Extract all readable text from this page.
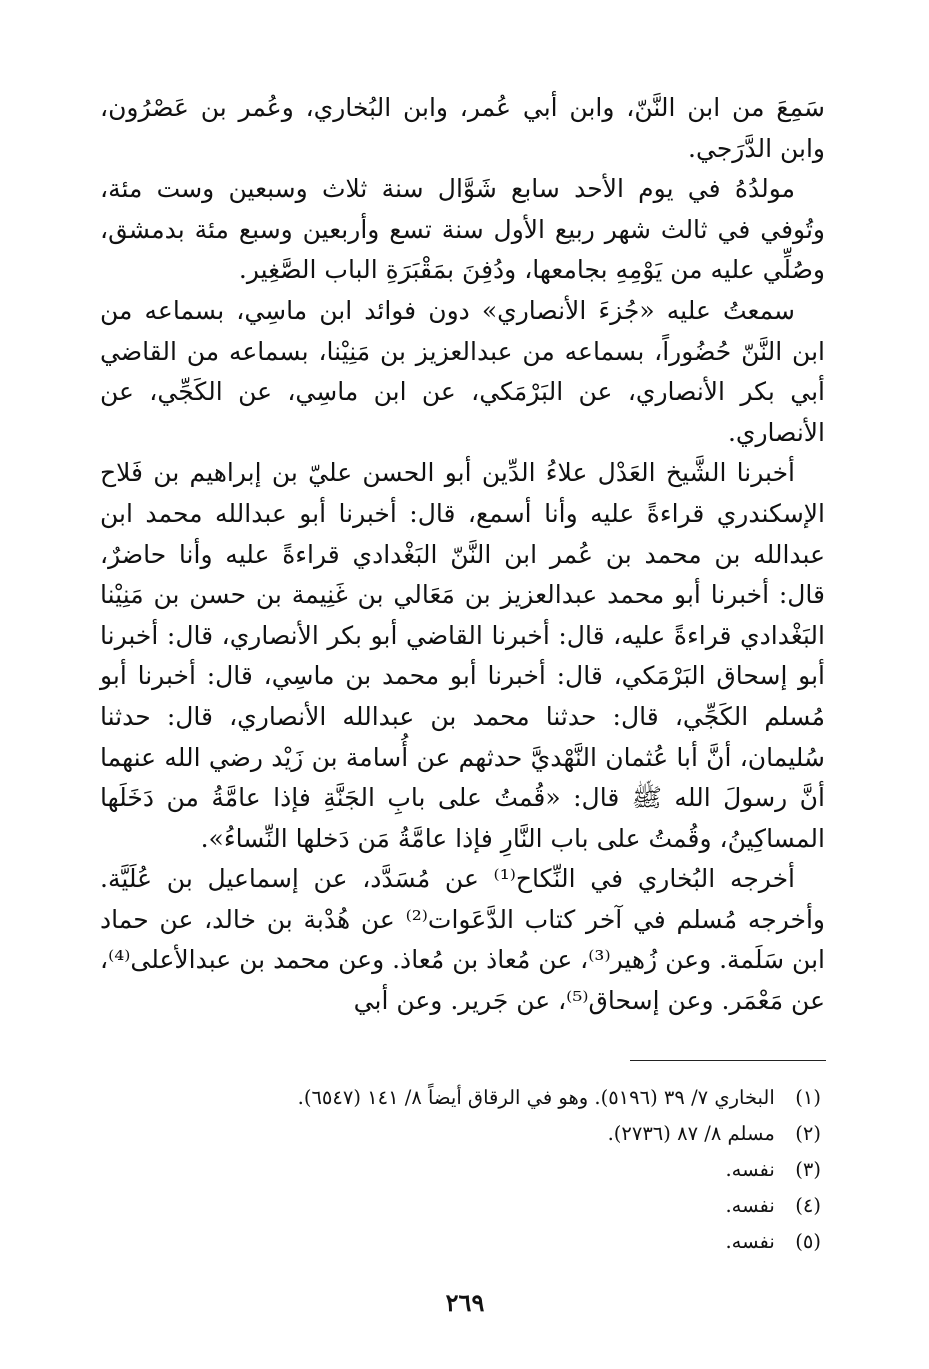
سَمِعَ من ابن النَّنّ، وابن أبي عُمر، وابن البُخاري، وعُمر بن عَصْرُون، وابن الدَّرَجي.

مولدُهُ في يوم الأحد سابع شَوَّال سنة ثلاث وسبعين وست مئة، وتُوفي في ثالث شهر ربيع الأول سنة تسع وأربعين وسبع مئة بدمشق، وصُلِّي عليه من يَوْمِهِ بجامعها، ودُفِنَ بمَقْبَرَةِ الباب الصَّغِير.

سمعتُ عليه «جُزءَ الأنصاري» دون فوائد ابن ماسِي، بسماعه من ابن النَّنّ حُضُوراً، بسماعه من عبدالعزيز بن مَنِيْنا، بسماعه من القاضي أبي بكر الأنصاري، عن البَرْمَكي، عن ابن ماسِي، عن الكَجِّي، عن الأنصاري.

أخبرنا الشَّيخ العَدْل علاءُ الدِّين أبو الحسن عليّ بن إبراهيم بن فَلاح الإسكندري قراءةً عليه وأنا أسمع، قال: أخبرنا أبو عبدالله محمد ابن عبدالله بن محمد بن عُمر ابن النَّنّ البَغْدادي قراءةً عليه وأنا حاضرٌ، قال: أخبرنا أبو محمد عبدالعزيز بن مَعَالي بن غَنِيمة بن حسن بن مَنِيْنا البَغْدادي قراءةً عليه، قال: أخبرنا القاضي أبو بكر الأنصاري، قال: أخبرنا أبو إسحاق البَرْمَكي، قال: أخبرنا أبو محمد بن ماسِي، قال: أخبرنا أبو مُسلم الكَجِّي، قال: حدثنا محمد بن عبدالله الأنصاري، قال: حدثنا سُليمان، أنَّ أبا عُثمان النَّهْديَّ حدثهم عن أُسامة بن زَيْد رضي الله عنهما أنَّ رسولَ الله ﷺ قال: «قُمتُ على بابِ الجَنَّةِ فإذا عامَّةُ من دَخَلَها المساكِينُ، وقُمتُ على باب النَّارِ فإذا عامَّةُ مَن دَخلها النِّساءُ».

أخرجه البُخاري في النِّكاح⁽¹⁾ عن مُسَدَّد، عن إسماعيل بن عُلَيَّة. وأخرجه مُسلم في آخر كتاب الدَّعَوات⁽²⁾ عن هُدْبة بن خالد، عن حماد ابن سَلَمة. وعن زُهير⁽³⁾، عن مُعاذ بن مُعاذ. وعن محمد بن عبدالأعلى⁽⁴⁾، عن مَعْمَر. وعن إسحاق⁽⁵⁾، عن جَرير. وعن أبي

(١) البخاري ٧/ ٣٩ (٥١٩٦). وهو في الرقاق أيضاً ٨/ ١٤١ (٦٥٤٧).

(٢) مسلم ٨/ ٨٧ (٢٧٣٦).

(٣) نفسه.

(٤) نفسه.

(٥) نفسه.

٢٦٩
